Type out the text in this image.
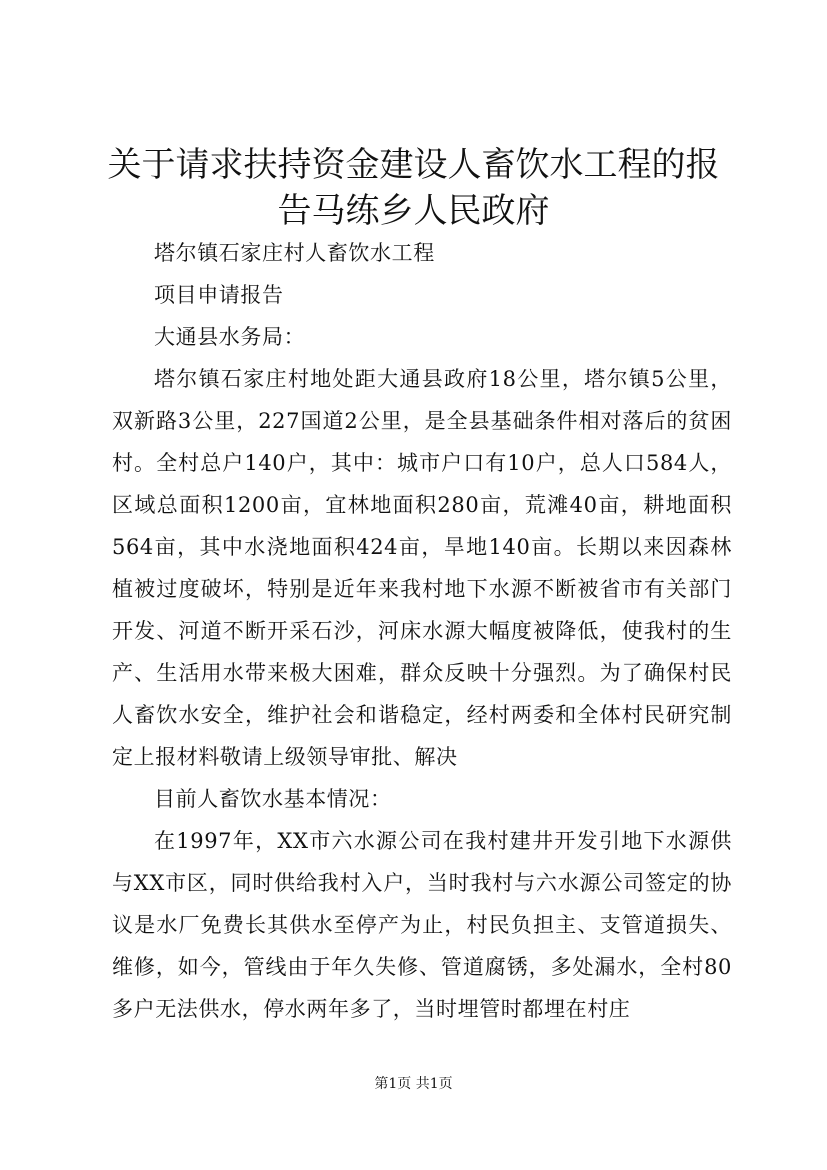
关于请求扶持资金建设人畜饮水工程的报告马练乡人民政府

塔尔镇石家庄村人畜饮水工程

项目申请报告

大通县水务局：

塔尔镇石家庄村地处距大通县政府18公里，塔尔镇5公里，双新路3公里，227国道2公里，是全县基础条件相对落后的贫困村。全村总户140户，其中：城市户口有10户，总人口584人，区域总面积1200亩，宜林地面积280亩，荒滩40亩，耕地面积564亩，其中水浇地面积424亩，旱地140亩。长期以来因森林植被过度破坏，特别是近年来我村地下水源不断被省市有关部门开发、河道不断开采石沙，河床水源大幅度被降低，使我村的生产、生活用水带来极大困难，群众反映十分强烈。为了确保村民人畜饮水安全，维护社会和谐稳定，经村两委和全体村民研究制定上报材料敬请上级领导审批、解决

目前人畜饮水基本情况：

在1997年，XX市六水源公司在我村建井开发引地下水源供与XX市区，同时供给我村入户，当时我村与六水源公司签定的协议是水厂免费长其供水至停产为止，村民负担主、支管道损失、维修，如今，管线由于年久失修、管道腐锈，多处漏水，全村80多户无法供水，停水两年多了，当时埋管时都埋在村庄

第1页 共1页
